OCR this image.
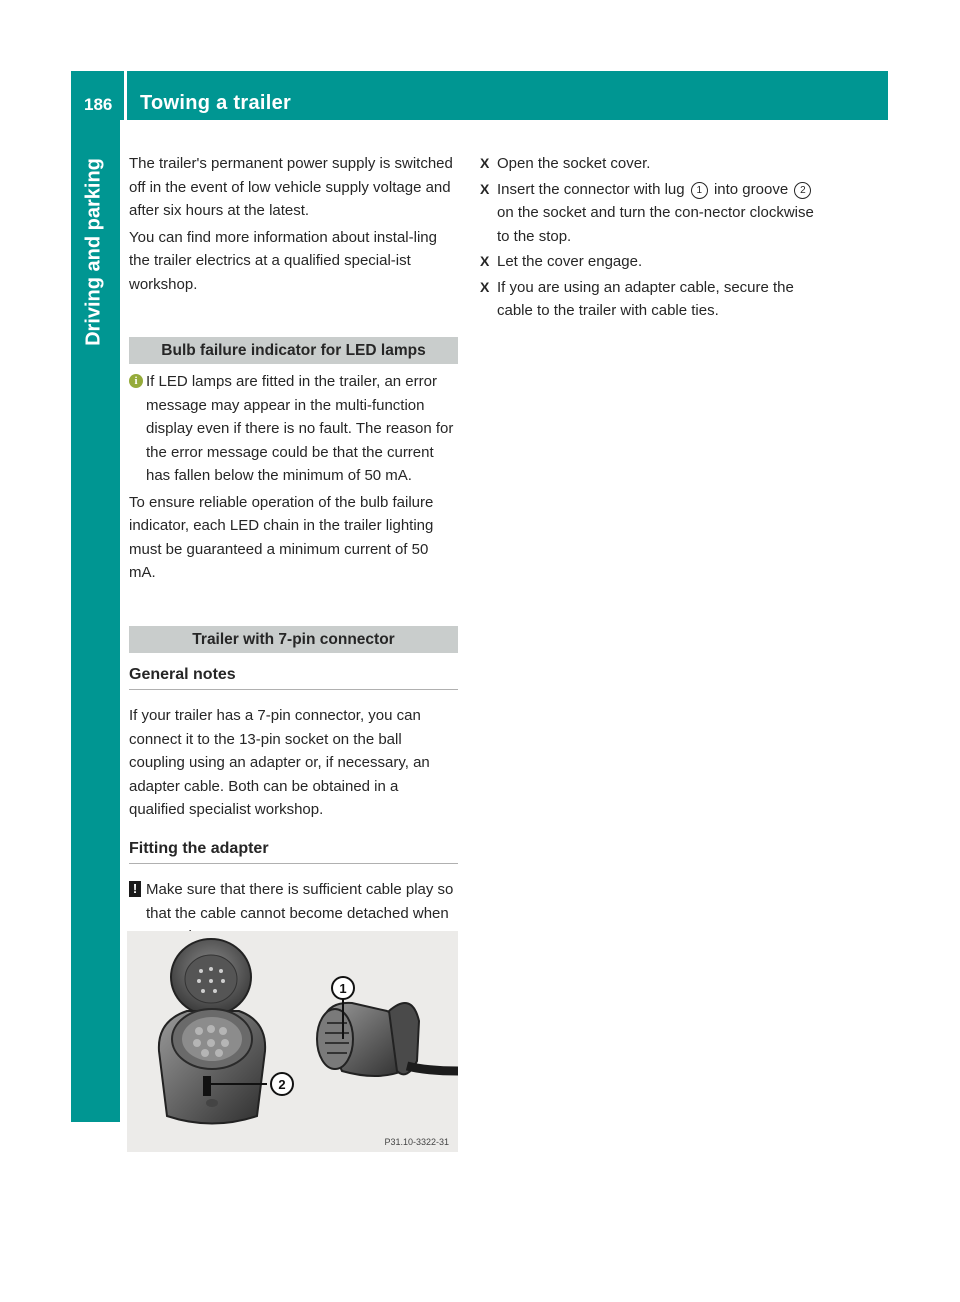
186 Towing a trailer
Driving and parking The trailer's permanent power supply is switched off in the event of low vehicle supply voltage and after six hours at the latest.

You can find more information about instal-ling the trailer electrics at a qualified special-ist workshop.

Bulb failure indicator for LED lamps
i If LED lamps are fitted in the trailer, an error message may appear in the multi-function display even if there is no fault. The reason for the error message could be that the current has fallen below the minimum of 50 mA.

To ensure reliable operation of the bulb failure indicator, each LED chain in the trailer lighting must be guaranteed a minimum current of 50 mA.

Trailer with 7-pin connector
General notes

If your trailer has a 7-pin connector, you can connect it to the 13-pin socket on the ball coupling using an adapter or, if necessary, an adapter cable. Both can be obtained in a qualified specialist workshop.

Fitting the adapter
! Make sure that there is sufficient cable play so that the cable cannot become detached when

1
2
P31.10-3322-31
X Open the socket cover.
X Insert the connector with lug 1 into groove 2 on the socket and turn the con-nector clockwise to the stop.
X Let the cover engage.
X If you are using an adapter cable, secure the cable to the trailer with cable ties.
